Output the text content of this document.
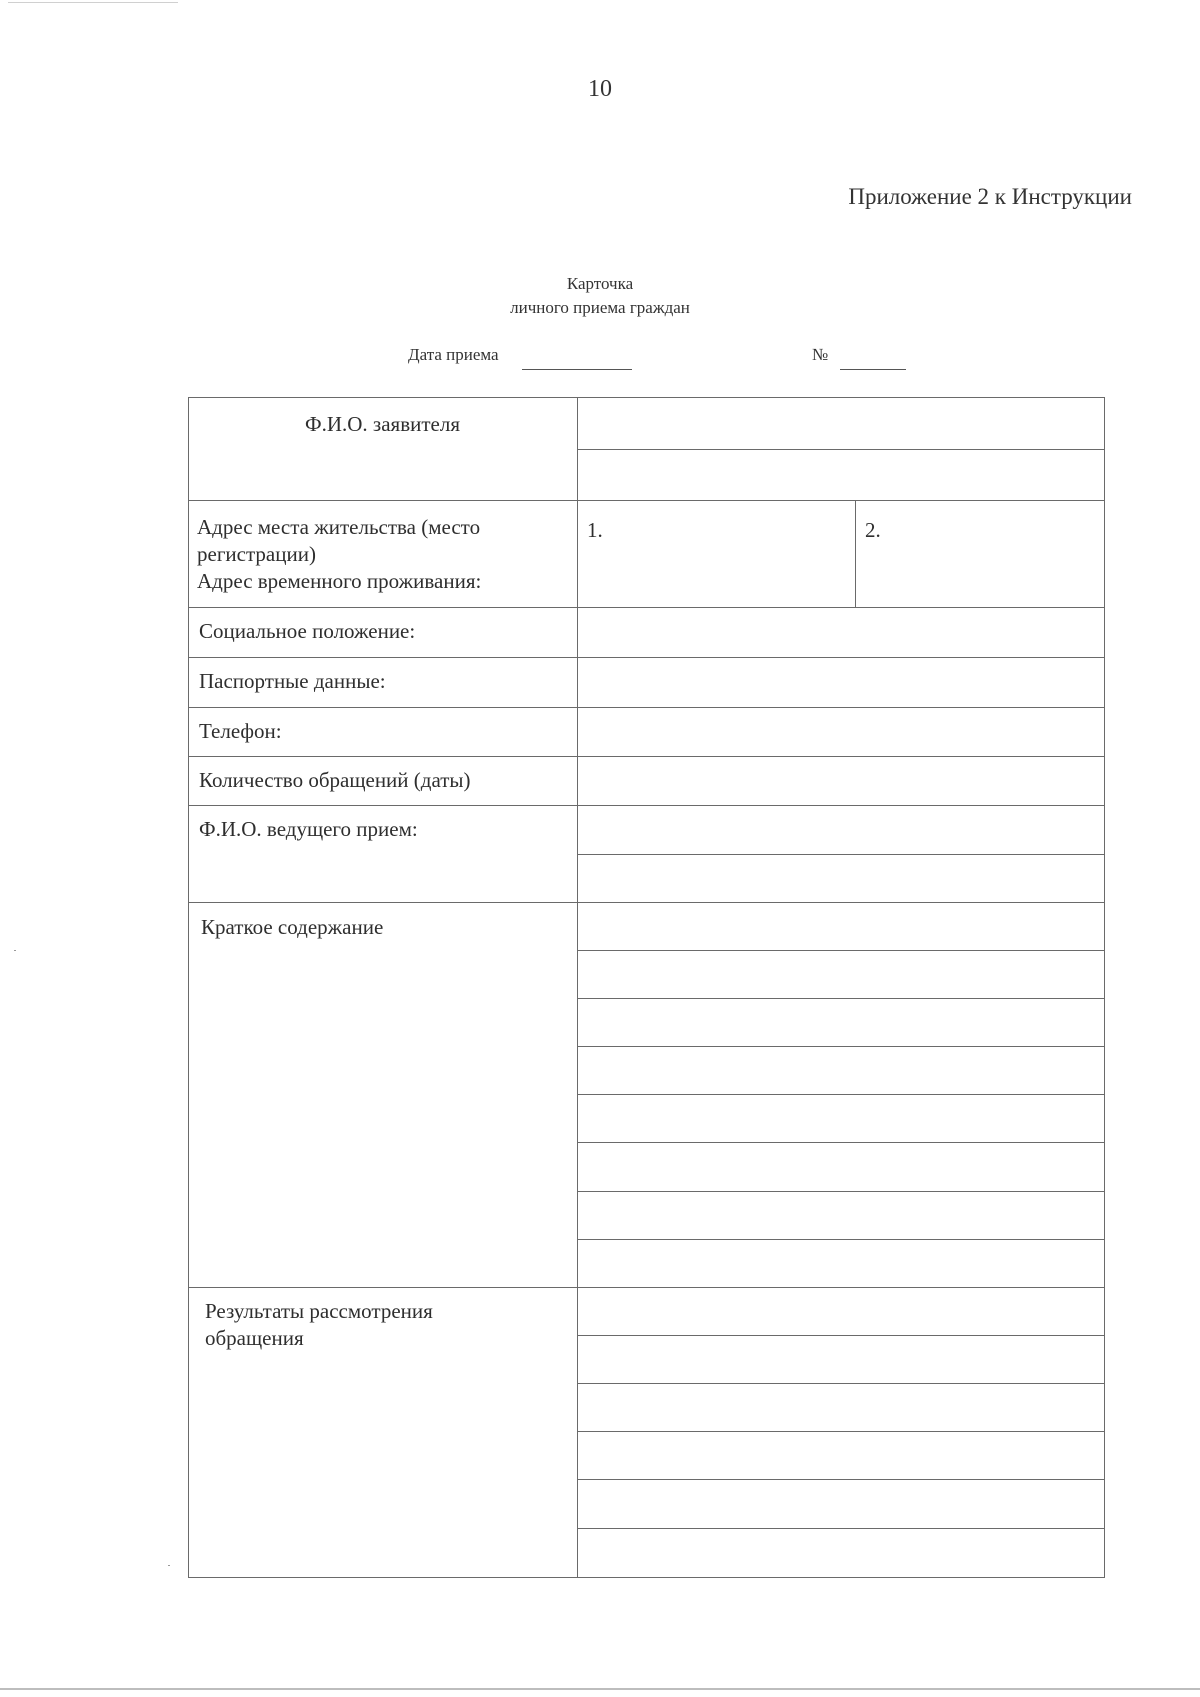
10
Приложение 2 к Инструкции
Карточка
личного приема граждан
Дата приема	№
Ф.И.О. заявителя
Адрес места жительства (место
регистрации)
Адрес временного проживания:
1.	2.
Социальное положение:
Паспортные данные:
Телефон:
Количество обращений (даты)
Ф.И.О. ведущего прием:
Краткое содержание
Результаты рассмотрения
обращения
